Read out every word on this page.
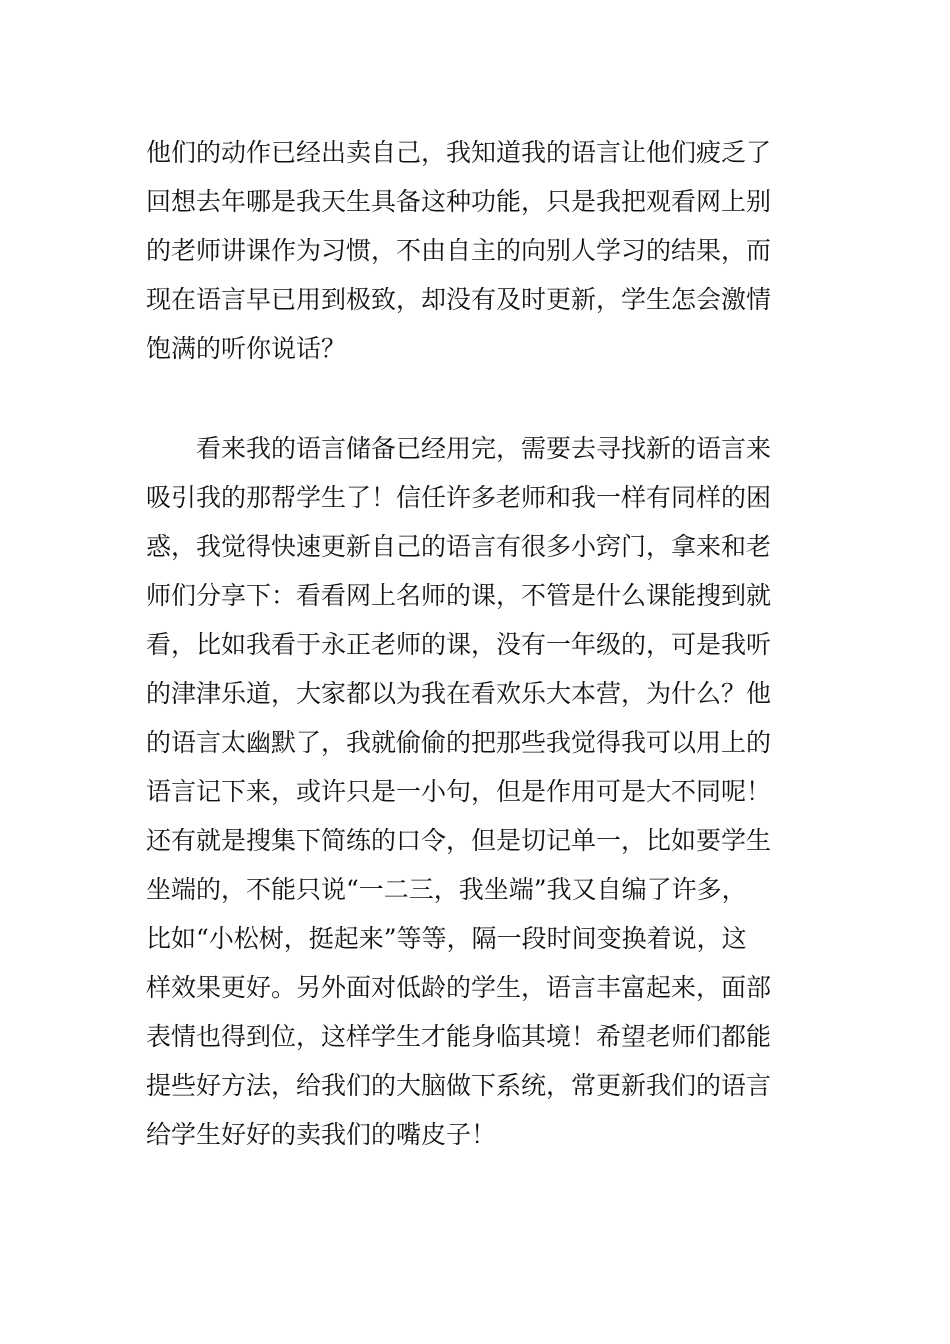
他们的动作已经出卖自己，我知道我的语言让他们疲乏了
回想去年哪是我天生具备这种功能，只是我把观看网上别
的老师讲课作为习惯，不由自主的向别人学习的结果，而
现在语言早已用到极致，却没有及时更新，学生怎会激情
饱满的听你说话？
　　看来我的语言储备已经用完，需要去寻找新的语言来
吸引我的那帮学生了！信任许多老师和我一样有同样的困
惑，我觉得快速更新自己的语言有很多小窍门，拿来和老
师们分享下：看看网上名师的课，不管是什么课能搜到就
看，比如我看于永正老师的课，没有一年级的，可是我听
的津津乐道，大家都以为我在看欢乐大本营，为什么？他
的语言太幽默了，我就偷偷的把那些我觉得我可以用上的
语言记下来，或许只是一小句，但是作用可是大不同呢！
还有就是搜集下简练的口令，但是切记单一，比如要学生
坐端的，不能只说“一二三，我坐端”我又自编了许多，
比如“小松树，挺起来”等等，隔一段时间变换着说，这
样效果更好。另外面对低龄的学生，语言丰富起来，面部
表情也得到位，这样学生才能身临其境！希望老师们都能
提些好方法，给我们的大脑做下系统，常更新我们的语言
给学生好好的卖我们的嘴皮子！
